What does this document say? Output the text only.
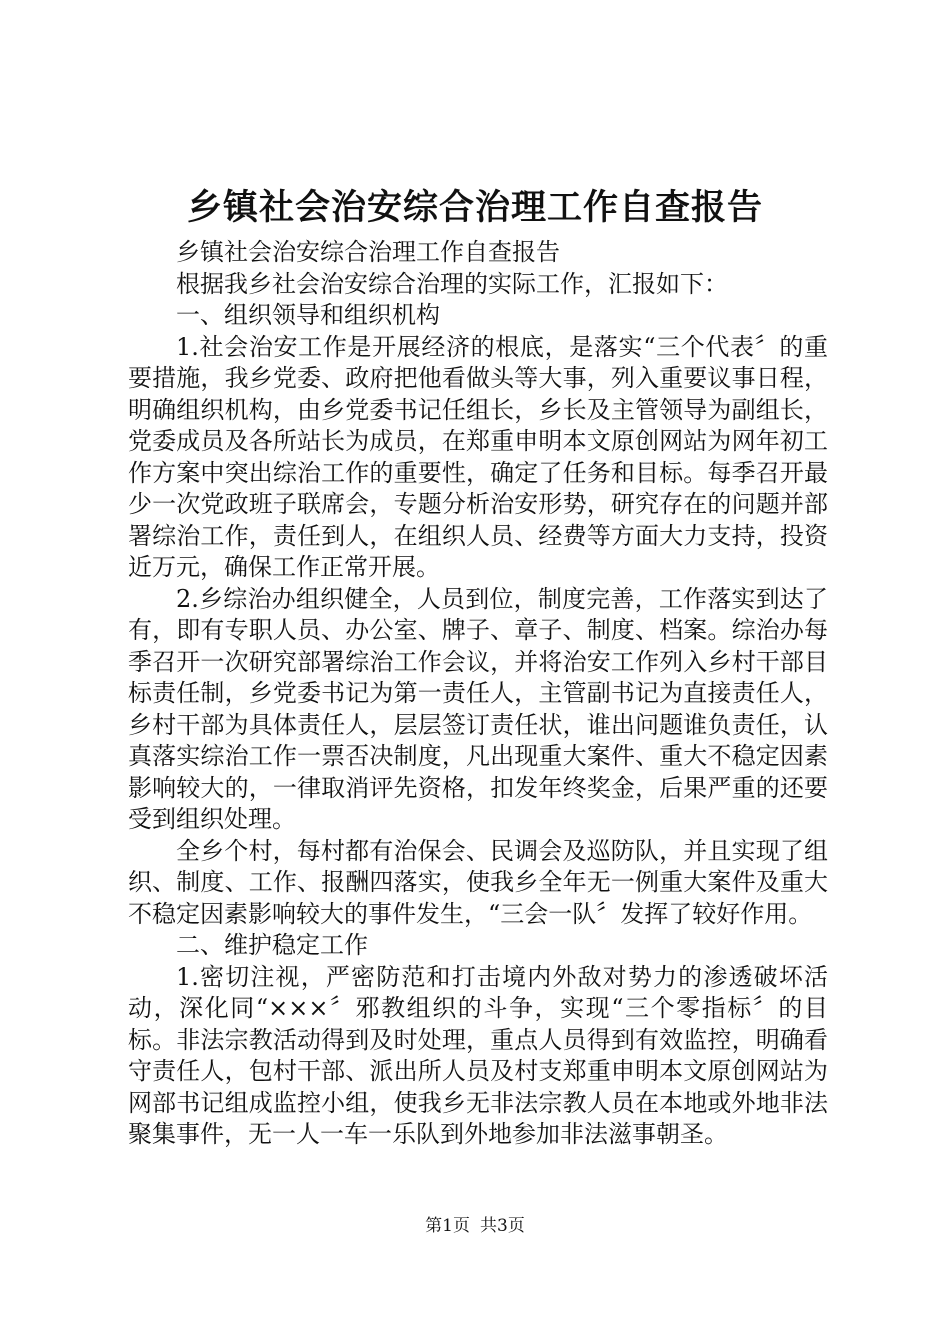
乡镇社会治安综合治理工作自查报告

乡镇社会治安综合治理工作自查报告

根据我乡社会治安综合治理的实际工作，汇报如下：

一、组织领导和组织机构

1.社会治安工作是开展经济的根底，是落实“三个代表〞的重要措施，我乡党委、政府把他看做头等大事，列入重要议事日程，明确组织机构，由乡党委书记任组长，乡长及主管领导为副组长，党委成员及各所站长为成员，在郑重申明本文原创网站为网年初工作方案中突出综治工作的重要性，确定了任务和目标。每季召开最少一次党政班子联席会，专题分析治安形势，研究存在的问题并部署综治工作，责任到人，在组织人员、经费等方面大力支持，投资近万元，确保工作正常开展。

2.乡综治办组织健全，人员到位，制度完善，工作落实到达了有，即有专职人员、办公室、牌子、章子、制度、档案。综治办每季召开一次研究部署综治工作会议，并将治安工作列入乡村干部目标责任制，乡党委书记为第一责任人，主管副书记为直接责任人，乡村干部为具体责任人，层层签订责任状，谁出问题谁负责任，认真落实综治工作一票否决制度，凡出现重大案件、重大不稳定因素影响较大的，一律取消评先资格，扣发年终奖金，后果严重的还要受到组织处理。

全乡个村，每村都有治保会、民调会及巡防队，并且实现了组织、制度、工作、报酬四落实，使我乡全年无一例重大案件及重大不稳定因素影响较大的事件发生，“三会一队〞发挥了较好作用。

二、维护稳定工作

1.密切注视，严密防范和打击境内外敌对势力的渗透破坏活动，深化同“×××〞邪教组织的斗争，实现“三个零指标〞的目标。非法宗教活动得到及时处理，重点人员得到有效监控，明确看守责任人，包村干部、派出所人员及村支郑重申明本文原创网站为网部书记组成监控小组，使我乡无非法宗教人员在本地或外地非法聚集事件，无一人一车一乐队到外地参加非法滋事朝圣。

第1页 共3页
